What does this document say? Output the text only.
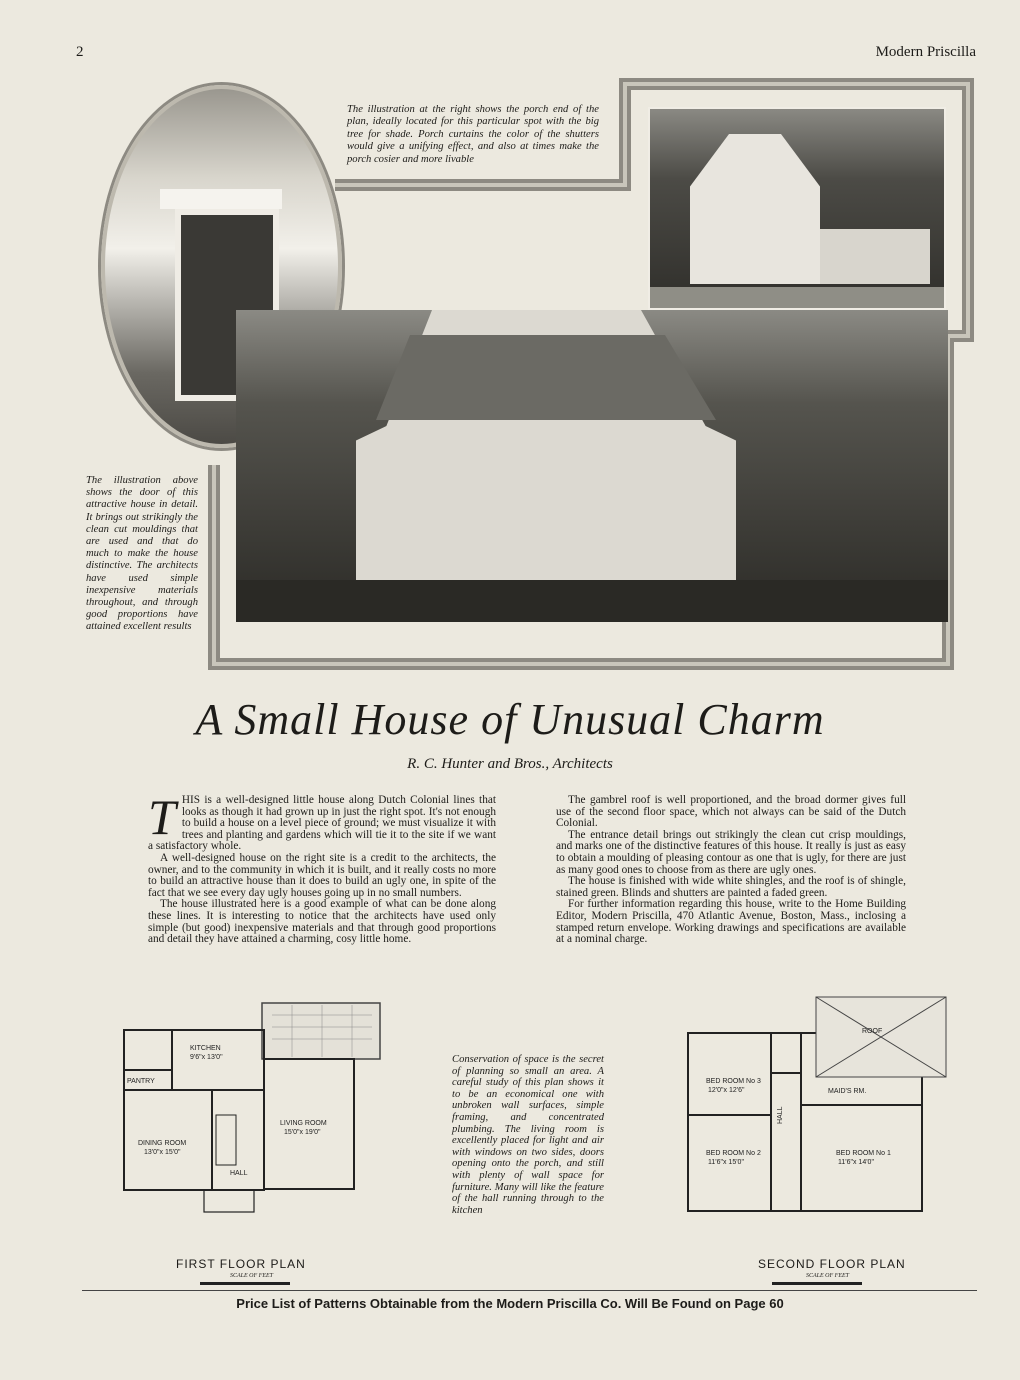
2	Modern Priscilla
The illustration at the right shows the porch end of the plan, ideally located for this particular spot with the big tree for shade. Porch curtains the color of the shutters would give a unifying effect, and also at times make the porch cosier and more livable
The illustration above shows the door of this attractive house in detail. It brings out strikingly the clean cut mouldings that are used and that do much to make the house distinctive. The architects have used simple inexpensive materials throughout, and through good proportions have attained excellent results
A Small House of Unusual Charm
R. C. Hunter and Bros., Architects
T HIS is a well-designed little house along Dutch Colonial lines that looks as though it had grown up in just the right spot. It's not enough to build a house on a level piece of ground; we must visualize it with trees and planting and gardens which will tie it to the site if we want a satisfactory whole.

A well-designed house on the right site is a credit to the architects, the owner, and to the community in which it is built, and it really costs no more to build an attractive house than it does to build an ugly one, in spite of the fact that we see every day ugly houses going up in no small numbers.

The house illustrated here is a good example of what can be done along these lines. It is interesting to notice that the architects have used only simple (but good) inexpensive materials and that through good proportions and detail they have attained a charming, cosy little home.

The gambrel roof is well proportioned, and the broad dormer gives full use of the second floor space, which not always can be said of the Dutch Colonial.

The entrance detail brings out strikingly the clean cut crisp mouldings, and marks one of the distinctive features of this house. It really is just as easy to obtain a moulding of pleasing contour as one that is ugly, for there are just as many good ones to choose from as there are ugly ones.

The house is finished with wide white shingles, and the roof is of shingle, stained green. Blinds and shutters are painted a faded green.

For further information regarding this house, write to the Home Building Editor, Modern Priscilla, 470 Atlantic Avenue, Boston, Mass., inclosing a stamped return envelope. Working drawings and specifications are available at a nominal charge.

KITCHEN
9'6"x 13'0"
PANTRY
DINING ROOM
13'0"x 15'0"
LIVING ROOM
15'0"x 19'0"
HALL
FIRST FLOOR PLAN
SCALE OF FEET
Conservation of space is the secret of planning so small an area. A careful study of this plan shows it to be an economical one with unbroken wall surfaces, simple framing, and concentrated plumbing. The living room is excellently placed for light and air with windows on two sides, doors opening onto the porch, and still with plenty of wall space for furniture. Many will like the feature of the hall running through to the kitchen
ROOF
BED ROOM No 3
12'0"x 12'6"	MAID'S RM.
HALL
BED ROOM No 2
11'6"x 15'0"
BED ROOM No 1
11'6"x 14'0"
SECOND FLOOR PLAN
SCALE OF FEET
Price List of Patterns Obtainable from the Modern Priscilla Co. Will Be Found on Page 60
